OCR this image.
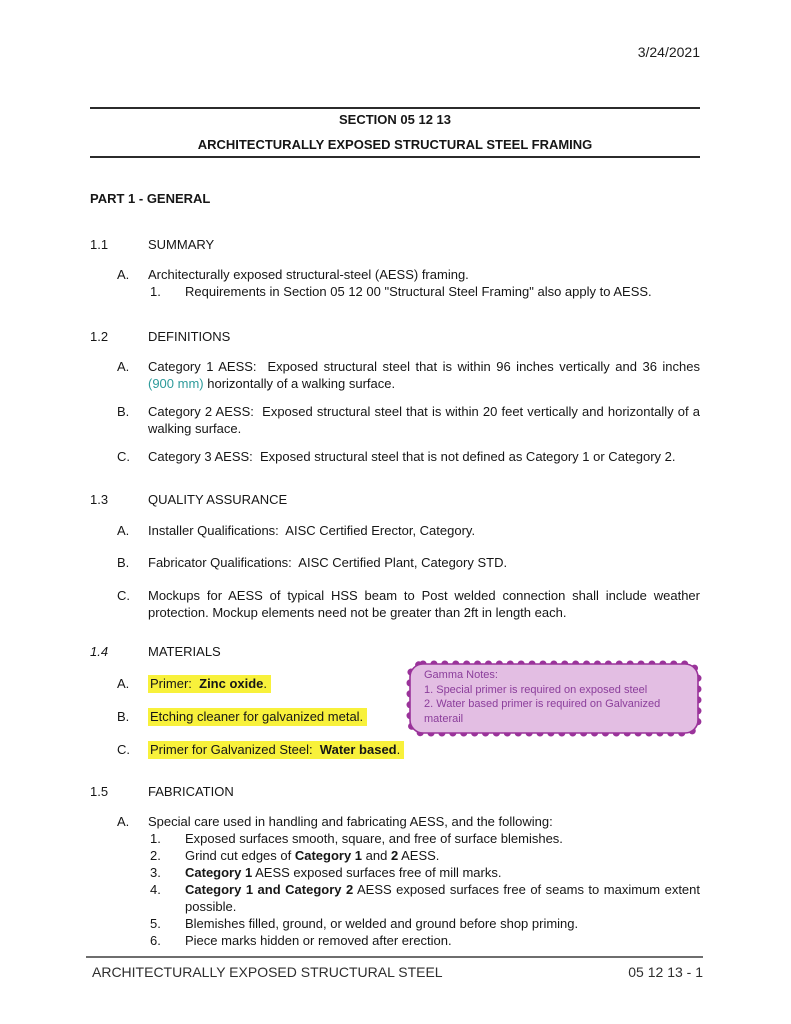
3/24/2021
SECTION 05 12 13
ARCHITECTURALLY EXPOSED STRUCTURAL STEEL FRAMING
PART 1 - GENERAL
1.1	SUMMARY
A.	Architecturally exposed structural-steel (AESS) framing.
1.	Requirements in Section 05 12 00 "Structural Steel Framing" also apply to AESS.
1.2	DEFINITIONS
A.	Category 1 AESS:  Exposed structural steel that is within 96 inches vertically and 36 inches (900 mm) horizontally of a walking surface.
B.	Category 2 AESS:  Exposed structural steel that is within 20 feet vertically and horizontally of a walking surface.
C.	Category 3 AESS:  Exposed structural steel that is not defined as Category 1 or Category 2.
1.3	QUALITY ASSURANCE
A.	Installer Qualifications:  AISC Certified Erector, Category.
B.	Fabricator Qualifications:  AISC Certified Plant, Category STD.
C.	Mockups for AESS of typical HSS beam to Post welded connection shall include weather protection. Mockup elements need not be greater than 2ft in length each.
1.4	MATERIALS
A.	Primer:  Zinc oxide.
B.	Etching cleaner for galvanized metal.
C.	Primer for Galvanized Steel:  Water based.
1.5	FABRICATION
A.	Special care used in handling and fabricating AESS, and the following:
1.	Exposed surfaces smooth, square, and free of surface blemishes.
2.	Grind cut edges of Category 1 and 2 AESS.
3.	Category 1 AESS exposed surfaces free of mill marks.
4.	Category 1 and Category 2 AESS exposed surfaces free of seams to maximum extent possible.
5.	Blemishes filled, ground, or welded and ground before shop priming.
6.	Piece marks hidden or removed after erection.
Gamma Notes:
1. Special primer is required on exposed steel
2. Water based primer is required on Galvanized materail
ARCHITECTURALLY EXPOSED STRUCTURAL STEEL	05 12 13 - 1
